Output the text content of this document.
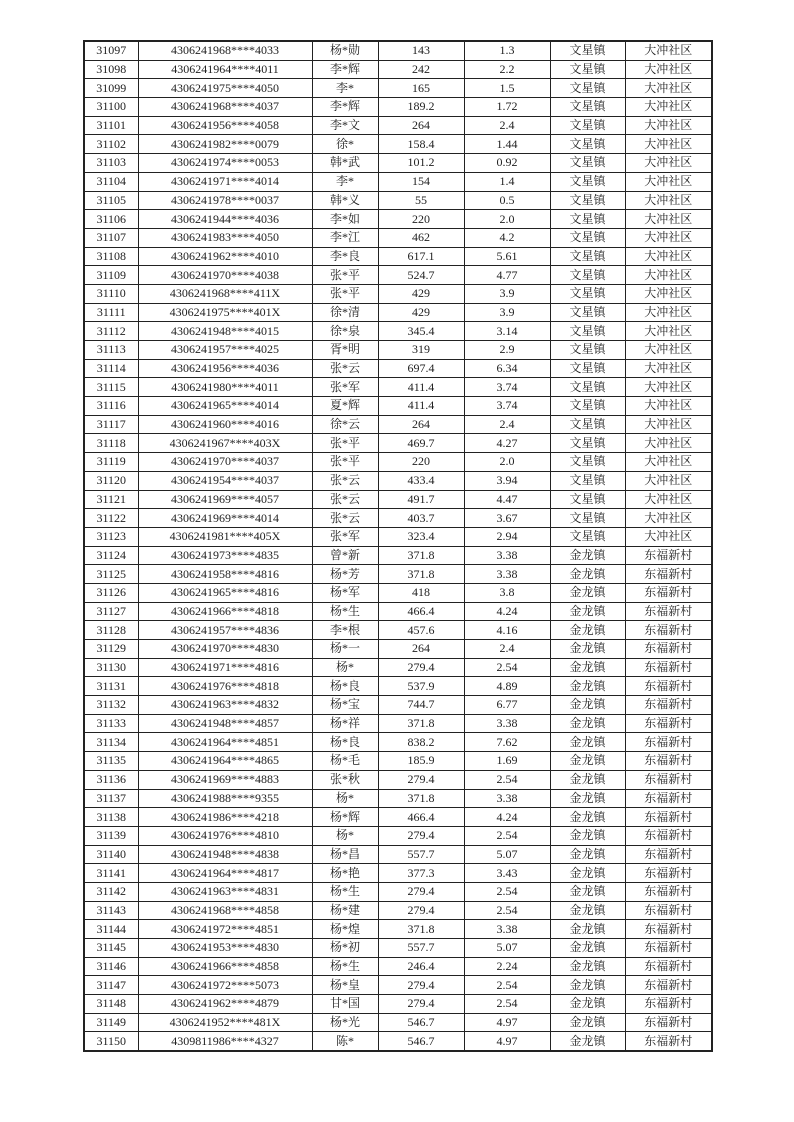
31097	4306241968****4033	杨*勋	143	1.3	文星镇	大冲社区
31098	4306241964****4011	李*辉	242	2.2	文星镇	大冲社区
31099	4306241975****4050	李*	165	1.5	文星镇	大冲社区
31100	4306241968****4037	李*辉	189.2	1.72	文星镇	大冲社区
31101	4306241956****4058	李*文	264	2.4	文星镇	大冲社区
31102	4306241982****0079	徐*	158.4	1.44	文星镇	大冲社区
31103	4306241974****0053	韩*武	101.2	0.92	文星镇	大冲社区
31104	4306241971****4014	李*	154	1.4	文星镇	大冲社区
31105	4306241978****0037	韩*义	55	0.5	文星镇	大冲社区
31106	4306241944****4036	李*如	220	2.0	文星镇	大冲社区
31107	4306241983****4050	李*江	462	4.2	文星镇	大冲社区
31108	4306241962****4010	李*良	617.1	5.61	文星镇	大冲社区
31109	4306241970****4038	张*平	524.7	4.77	文星镇	大冲社区
31110	4306241968****411X	张*平	429	3.9	文星镇	大冲社区
31111	4306241975****401X	徐*清	429	3.9	文星镇	大冲社区
31112	4306241948****4015	徐*泉	345.4	3.14	文星镇	大冲社区
31113	4306241957****4025	胥*明	319	2.9	文星镇	大冲社区
31114	4306241956****4036	张*云	697.4	6.34	文星镇	大冲社区
31115	4306241980****4011	张*军	411.4	3.74	文星镇	大冲社区
31116	4306241965****4014	夏*辉	411.4	3.74	文星镇	大冲社区
31117	4306241960****4016	徐*云	264	2.4	文星镇	大冲社区
31118	4306241967****403X	张*平	469.7	4.27	文星镇	大冲社区
31119	4306241970****4037	张*平	220	2.0	文星镇	大冲社区
31120	4306241954****4037	张*云	433.4	3.94	文星镇	大冲社区
31121	4306241969****4057	张*云	491.7	4.47	文星镇	大冲社区
31122	4306241969****4014	张*云	403.7	3.67	文星镇	大冲社区
31123	4306241981****405X	张*军	323.4	2.94	文星镇	大冲社区
31124	4306241973****4835	曾*新	371.8	3.38	金龙镇	东福新村
31125	4306241958****4816	杨*芳	371.8	3.38	金龙镇	东福新村
31126	4306241965****4816	杨*军	418	3.8	金龙镇	东福新村
31127	4306241966****4818	杨*生	466.4	4.24	金龙镇	东福新村
31128	4306241957****4836	李*根	457.6	4.16	金龙镇	东福新村
31129	4306241970****4830	杨*一	264	2.4	金龙镇	东福新村
31130	4306241971****4816	杨*	279.4	2.54	金龙镇	东福新村
31131	4306241976****4818	杨*良	537.9	4.89	金龙镇	东福新村
31132	4306241963****4832	杨*宝	744.7	6.77	金龙镇	东福新村
31133	4306241948****4857	杨*祥	371.8	3.38	金龙镇	东福新村
31134	4306241964****4851	杨*良	838.2	7.62	金龙镇	东福新村
31135	4306241964****4865	杨*毛	185.9	1.69	金龙镇	东福新村
31136	4306241969****4883	张*秋	279.4	2.54	金龙镇	东福新村
31137	4306241988****9355	杨*	371.8	3.38	金龙镇	东福新村
31138	4306241986****4218	杨*辉	466.4	4.24	金龙镇	东福新村
31139	4306241976****4810	杨*	279.4	2.54	金龙镇	东福新村
31140	4306241948****4838	杨*昌	557.7	5.07	金龙镇	东福新村
31141	4306241964****4817	杨*艳	377.3	3.43	金龙镇	东福新村
31142	4306241963****4831	杨*生	279.4	2.54	金龙镇	东福新村
31143	4306241968****4858	杨*建	279.4	2.54	金龙镇	东福新村
31144	4306241972****4851	杨*煌	371.8	3.38	金龙镇	东福新村
31145	4306241953****4830	杨*初	557.7	5.07	金龙镇	东福新村
31146	4306241966****4858	杨*生	246.4	2.24	金龙镇	东福新村
31147	4306241972****5073	杨*皇	279.4	2.54	金龙镇	东福新村
31148	4306241962****4879	甘*国	279.4	2.54	金龙镇	东福新村
31149	4306241952****481X	杨*光	546.7	4.97	金龙镇	东福新村
31150	4309811986****4327	陈*	546.7	4.97	金龙镇	东福新村
